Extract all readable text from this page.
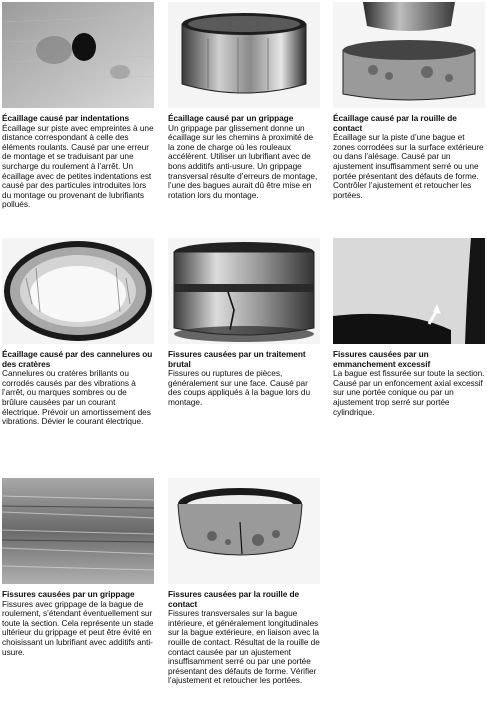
Écaillage causé par indentations
Écaillage sur piste avec empreintes à une distance correspondant à celle des éléments roulants. Causé par une erreur de montage et se traduisant par une surcharge du roulement à l’arrêt. Un écaillage avec de petites indentations est causé par des particules introduites lors du montage ou provenant de lubrifiants pollués.
Écaillage causé par un grippage
Un grippage par glissement donne un écaillage sur les chemins à proximité de la zone de charge où les rouleaux accélèrent. Utiliser un lubrifiant avec de bons additifs anti-usure. Un grippage transversal résulte d’erreurs de montage, l’une des bagues aurait dû être mise en rotation lors du montage.
Écaillage causé par la rouille de contact
Écaillage sur la piste d’une bague et zones corrodées sur la surface extérieure ou dans l’alésage. Causé par un ajustement insuffisamment serré ou une portée présentant des défauts de forme. Contrôler l’ajustement et retoucher les portées.
Écaillage causé par des cannelures ou des cratères
Cannelures ou cratères brillants ou corrodés causés par des vibrations à l’arrêt, ou marques sombres ou de brûlure causées par un courant électrique. Prévoir un amortissement des vibrations. Dévier le courant électrique.
Fissures causées par un traitement brutal
Fissures ou ruptures de pièces, généralement sur une face. Causé par des coups appliqués à la bague lors du montage.
Fissures causées par un emmanchement excessif
La bague est fissurée sur toute la section. Causé par un enfoncement axial excessif sur une portée conique ou par un ajustement trop serré sur portée cylindrique.
Fissures causées par un grippage
Fissures avec grippage de la bague de roulement, s’étendant éventuellement sur toute la section. Cela représente un stade ultérieur du grippage et peut être évité en choisissant un lubrifiant avec additifs anti-usure.
Fissures causées par la rouille de contact
Fissures transversales sur la bague intérieure, et généralement longitudinales sur la bague extérieure, en liaison avec la rouille de contact. Résultat de la rouille de contact causée par un ajustement insuffisamment serré ou par une portée présentant des défauts de forme. Vérifier l’ajustement et retoucher les portées.
